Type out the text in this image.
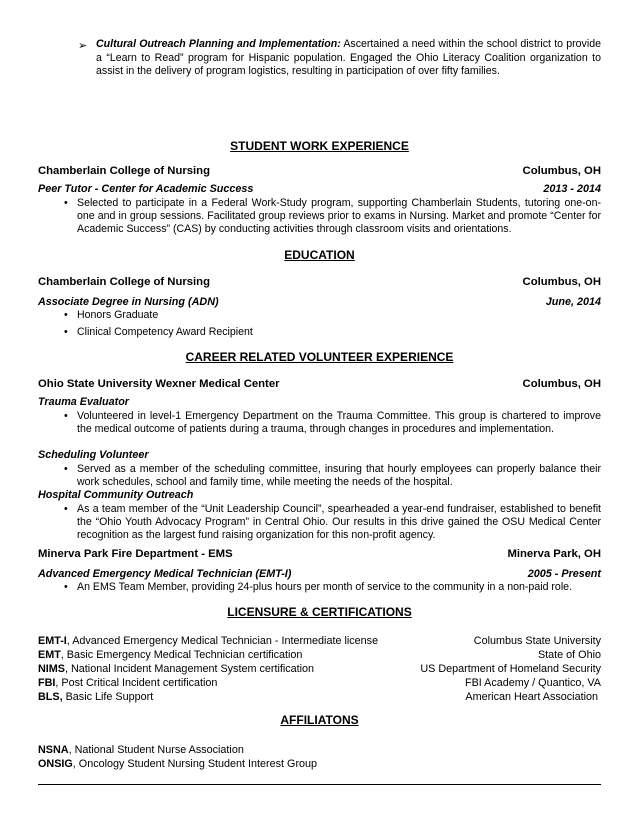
➢ Cultural Outreach Planning and Implementation: Ascertained a need within the school district to provide a “Learn to Read” program for Hispanic population. Engaged the Ohio Literacy Coalition organization to assist in the delivery of program logistics, resulting in participation of over fifty families.
STUDENT WORK EXPERIENCE
Chamberlain College of Nursing	Columbus, OH
Peer Tutor - Center for Academic Success	2013 - 2014
• Selected to participate in a Federal Work-Study program, supporting Chamberlain Students, tutoring one-on-one and in group sessions. Facilitated group reviews prior to exams in Nursing. Market and promote “Center for Academic Success” (CAS) by conducting activities through classroom visits and orientations.
EDUCATION
Chamberlain College of Nursing	Columbus, OH
Associate Degree in Nursing (ADN)	June, 2014
• Honors Graduate
• Clinical Competency Award Recipient
CAREER RELATED VOLUNTEER EXPERIENCE
Ohio State University Wexner Medical Center	Columbus, OH
Trauma Evaluator
• Volunteered in level-1 Emergency Department on the Trauma Committee. This group is chartered to improve the medical outcome of patients during a trauma, through changes in procedures and implementation.
Scheduling Volunteer
• Served as a member of the scheduling committee, insuring that hourly employees can properly balance their work schedules, school and family time, while meeting the needs of the hospital.
Hospital Community Outreach
• As a team member of the “Unit Leadership Council”, spearheaded a year-end fundraiser, established to benefit the “Ohio Youth Advocacy Program” in Central Ohio. Our results in this drive gained the OSU Medical Center recognition as the largest fund raising organization for this non-profit agency.
Minerva Park Fire Department - EMS	Minerva Park, OH
Advanced Emergency Medical Technician (EMT-I)	2005 - Present
• An EMS Team Member, providing 24-plus hours per month of service to the community in a non-paid role.
LICENSURE & CERTIFICATIONS
EMT-I, Advanced Emergency Medical Technician - Intermediate license	Columbus State University
EMT, Basic Emergency Medical Technician certification	State of Ohio
NIMS, National Incident Management System certification	US Department of Homeland Security
FBI, Post Critical Incident certification	FBI Academy / Quantico, VA
BLS, Basic Life Support	American Heart Association
AFFILIATONS
NSNA, National Student Nurse Association
ONSIG, Oncology Student Nursing Student Interest Group
